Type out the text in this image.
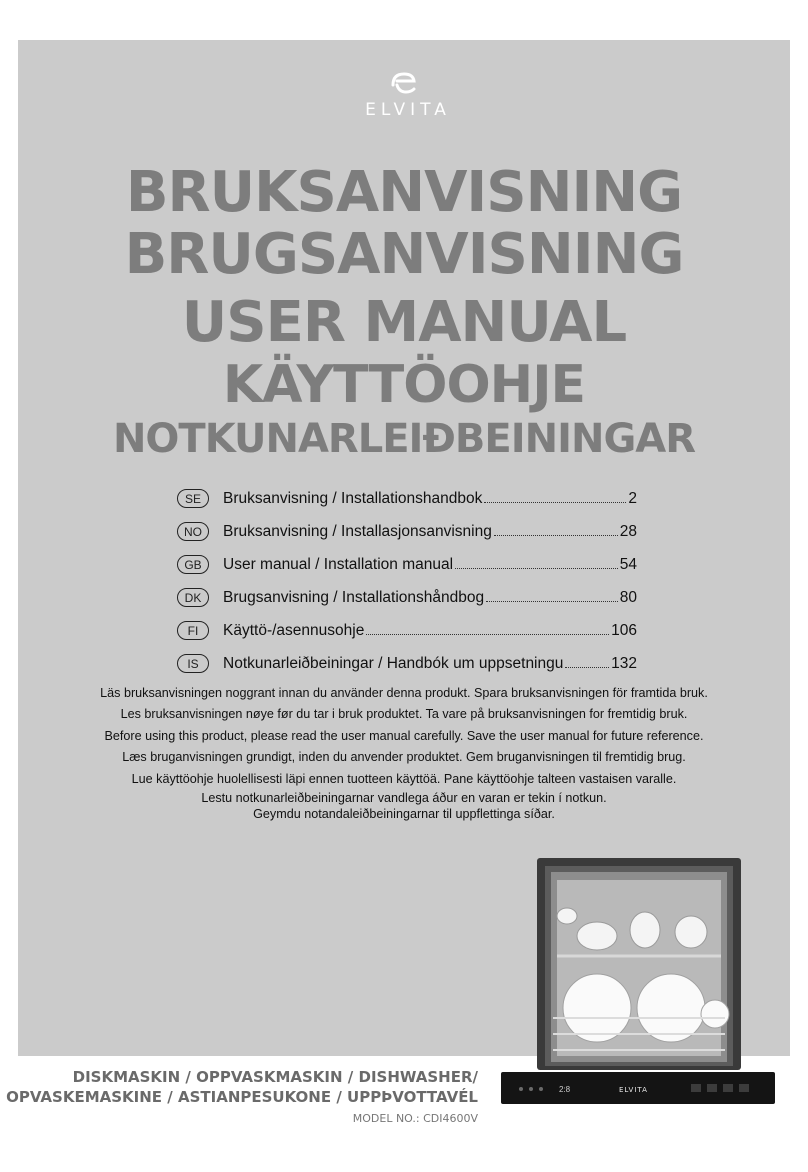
ELVITA
BRUKSANVISNING
BRUGSANVISNING
USER MANUAL
KÄYTTÖOHJE
NOTKUNARLEIÐBEININGAR
SE	Bruksanvisning / Installationshandbok	2
NO	Bruksanvisning / Installasjonsanvisning	28
GB	User manual / Installation manual	54
DK	Brugsanvisning / Installationshåndbog	80
FI	Käyttö-/asennusohje	106
IS	Notkunarleiðbeiningar / Handbók um uppsetningu	132
Läs bruksanvisningen noggrant innan du använder denna produkt. Spara bruksanvisningen för framtida bruk.
Les bruksanvisningen nøye før du tar i bruk produktet. Ta vare på bruksanvisningen for fremtidig bruk.
Before using this product, please read the user manual carefully. Save the user manual for future reference.
Læs bruganvisningen grundigt, inden du anvender produktet. Gem bruganvisningen til fremtidig brug.
Lue käyttöohje huolellisesti läpi ennen tuotteen käyttöä. Pane käyttöohje talteen vastaisen varalle.
Lestu notkunarleiðbeiningarnar vandlega áður en varan er tekin í notkun.
Geymdu notandaleiðbeiningarnar til uppflettinga síðar.
2:8	ELVITA
DISKMASKIN / OPPVASKMASKIN / DISHWASHER/
OPVASKEMASKINE / ASTIANPESUKONE / UPPÞVOTTAVÉL
MODEL NO.: CDI4600V
